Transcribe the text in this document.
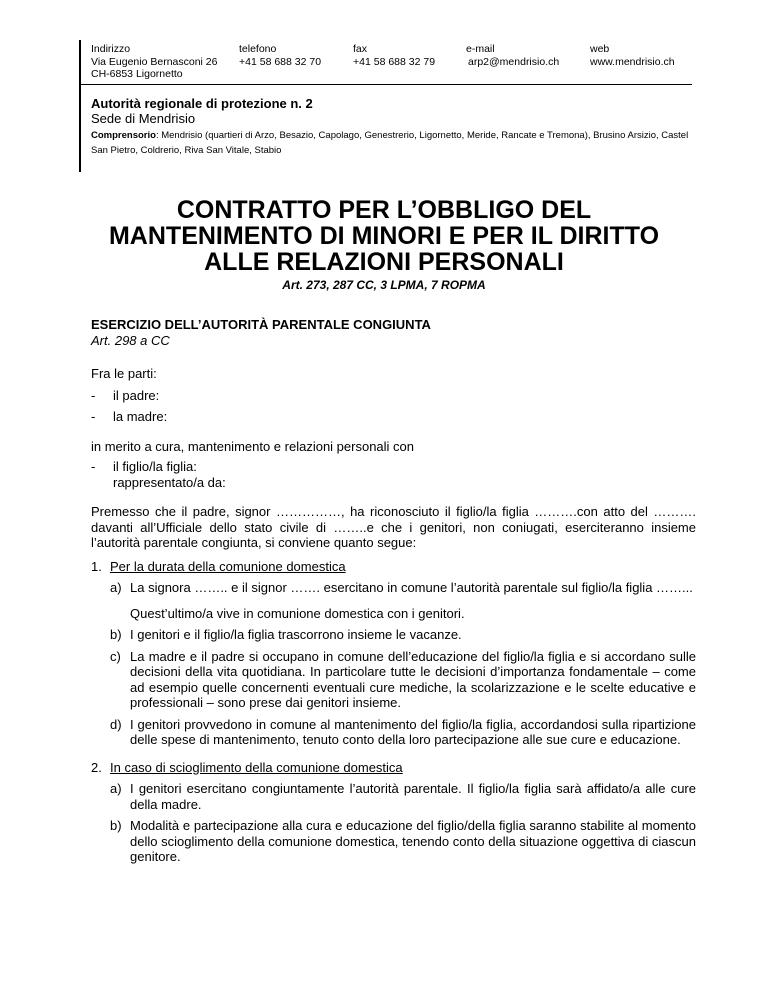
Indirizzo
Via Eugenio Bernasconi 26
CH-6853 Ligornetto
telefono
+41 58 688 32 70
fax
+41 58 688 32 79
e-mail
arp2@mendrisio.ch
web
www.mendrisio.ch
Autorità regionale di protezione n. 2
Sede di Mendrisio
Comprensorio: Mendrisio (quartieri di Arzo, Besazio, Capolago, Genestrerio, Ligornetto, Meride, Rancate e Tremona), Brusino Arsizio, Castel San Pietro, Coldrerio, Riva San Vitale, Stabio
CONTRATTO PER L’OBBLIGO DEL MANTENIMENTO DI MINORI E PER IL DIRITTO ALLE RELAZIONI PERSONALI
Art. 273, 287 CC, 3 LPMA, 7 ROPMA
ESERCIZIO DELL’AUTORITÀ PARENTALE CONGIUNTA
Art. 298 a CC

Fra le parti:

- il padre:
- la madre:

in merito a cura, mantenimento e relazioni personali con

- il figlio/la figlia:
rappresentato/a da:

Premesso che il padre, signor ……………, ha riconosciuto il figlio/la figlia ……….con atto del ………. davanti all’Ufficiale dello stato civile di ……..e che i genitori, non coniugati, eserciteranno insieme l’autorità parentale congiunta, si conviene quanto segue:

1. Per la durata della comunione domestica
a) La signora …….. e il signor ……. esercitano in comune l’autorità parentale sul figlio/la figlia ……...
Quest’ultimo/a vive in comunione domestica con i genitori.
b) I genitori e il figlio/la figlia trascorrono insieme le vacanze.
c) La madre e il padre si occupano in comune dell’educazione del figlio/la figlia e si accordano sulle decisioni della vita quotidiana. In particolare tutte le decisioni d’importanza fondamentale – come ad esempio quelle concernenti eventuali cure mediche, la scolarizzazione e le scelte educative e professionali – sono prese dai genitori insieme.
d) I genitori provvedono in comune al mantenimento del figlio/la figlia, accordandosi sulla ripartizione delle spese di mantenimento, tenuto conto della loro partecipazione alle sue cure e educazione.
2. In caso di scioglimento della comunione domestica
a) I genitori esercitano congiuntamente l’autorità parentale. Il figlio/la figlia sarà affidato/a alle cure della madre.
b) Modalità e partecipazione alla cura e educazione del figlio/della figlia saranno stabilite al momento dello scioglimento della comunione domestica, tenendo conto della situazione oggettiva di ciascun genitore.
